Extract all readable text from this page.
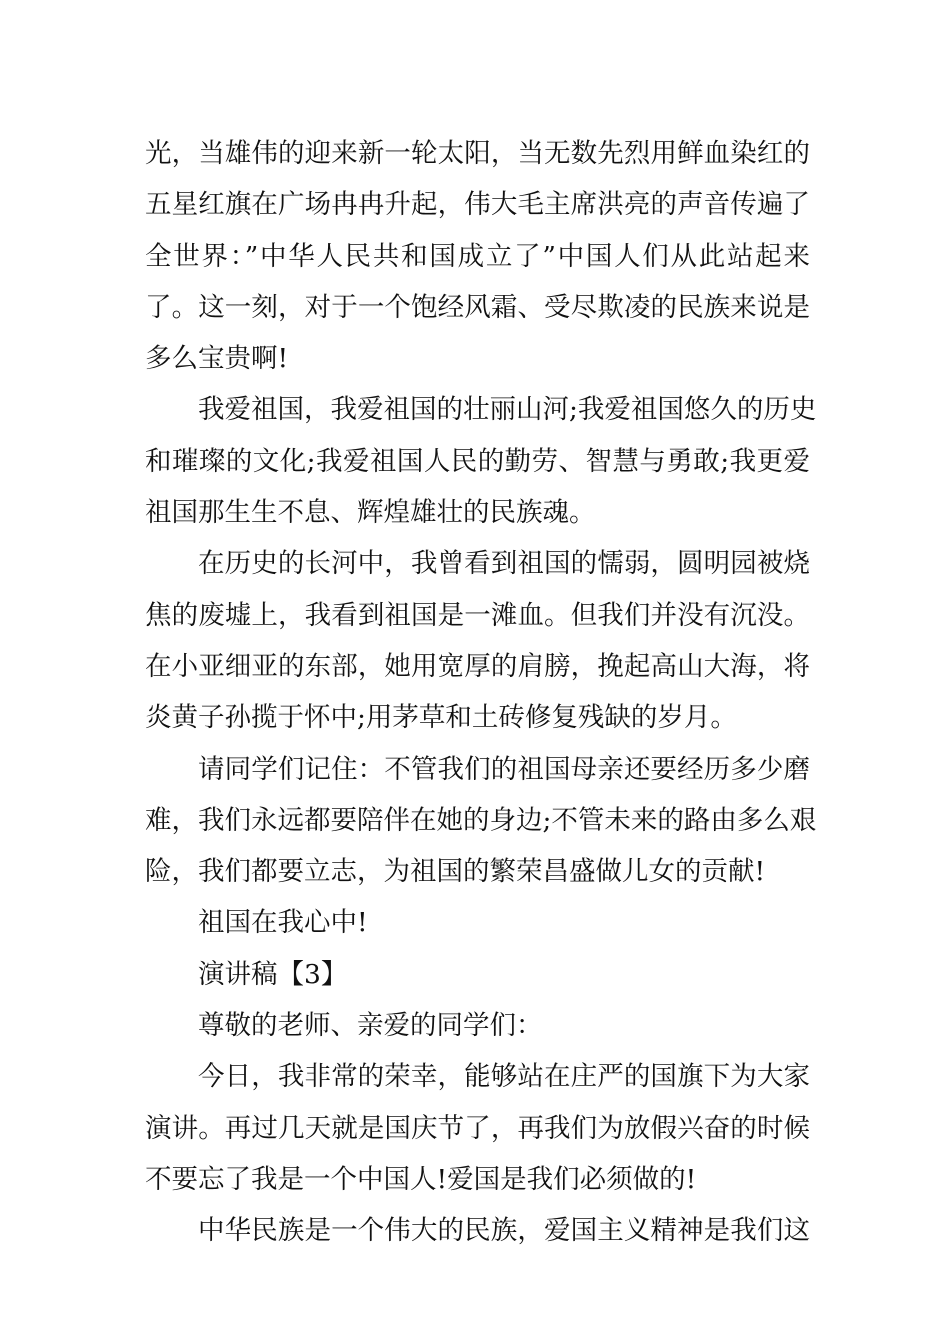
光，当雄伟的迎来新一轮太阳，当无数先烈用鲜血染红的
五星红旗在广场冉冉升起，伟大毛主席洪亮的声音传遍了
全世界：”中华人民共和国成立了”中国人们从此站起来
了。这一刻，对于一个饱经风霜、受尽欺凌的民族来说是
多么宝贵啊!
我爱祖国，我爱祖国的壮丽山河;我爱祖国悠久的历史
和璀璨的文化;我爱祖国人民的勤劳、智慧与勇敢;我更爱
祖国那生生不息、辉煌雄壮的民族魂。
在历史的长河中，我曾看到祖国的懦弱，圆明园被烧
焦的废墟上，我看到祖国是一滩血。但我们并没有沉没。
在小亚细亚的东部，她用宽厚的肩膀，挽起高山大海，将
炎黄子孙揽于怀中;用茅草和土砖修复残缺的岁月。
请同学们记住：不管我们的祖国母亲还要经历多少磨
难，我们永远都要陪伴在她的身边;不管未来的路由多么艰
险，我们都要立志，为祖国的繁荣昌盛做儿女的贡献!
祖国在我心中!
演讲稿【3】
尊敬的老师、亲爱的同学们：
今日，我非常的荣幸，能够站在庄严的国旗下为大家
演讲。再过几天就是国庆节了，再我们为放假兴奋的时候
不要忘了我是一个中国人!爱国是我们必须做的!
中华民族是一个伟大的民族，爱国主义精神是我们这
